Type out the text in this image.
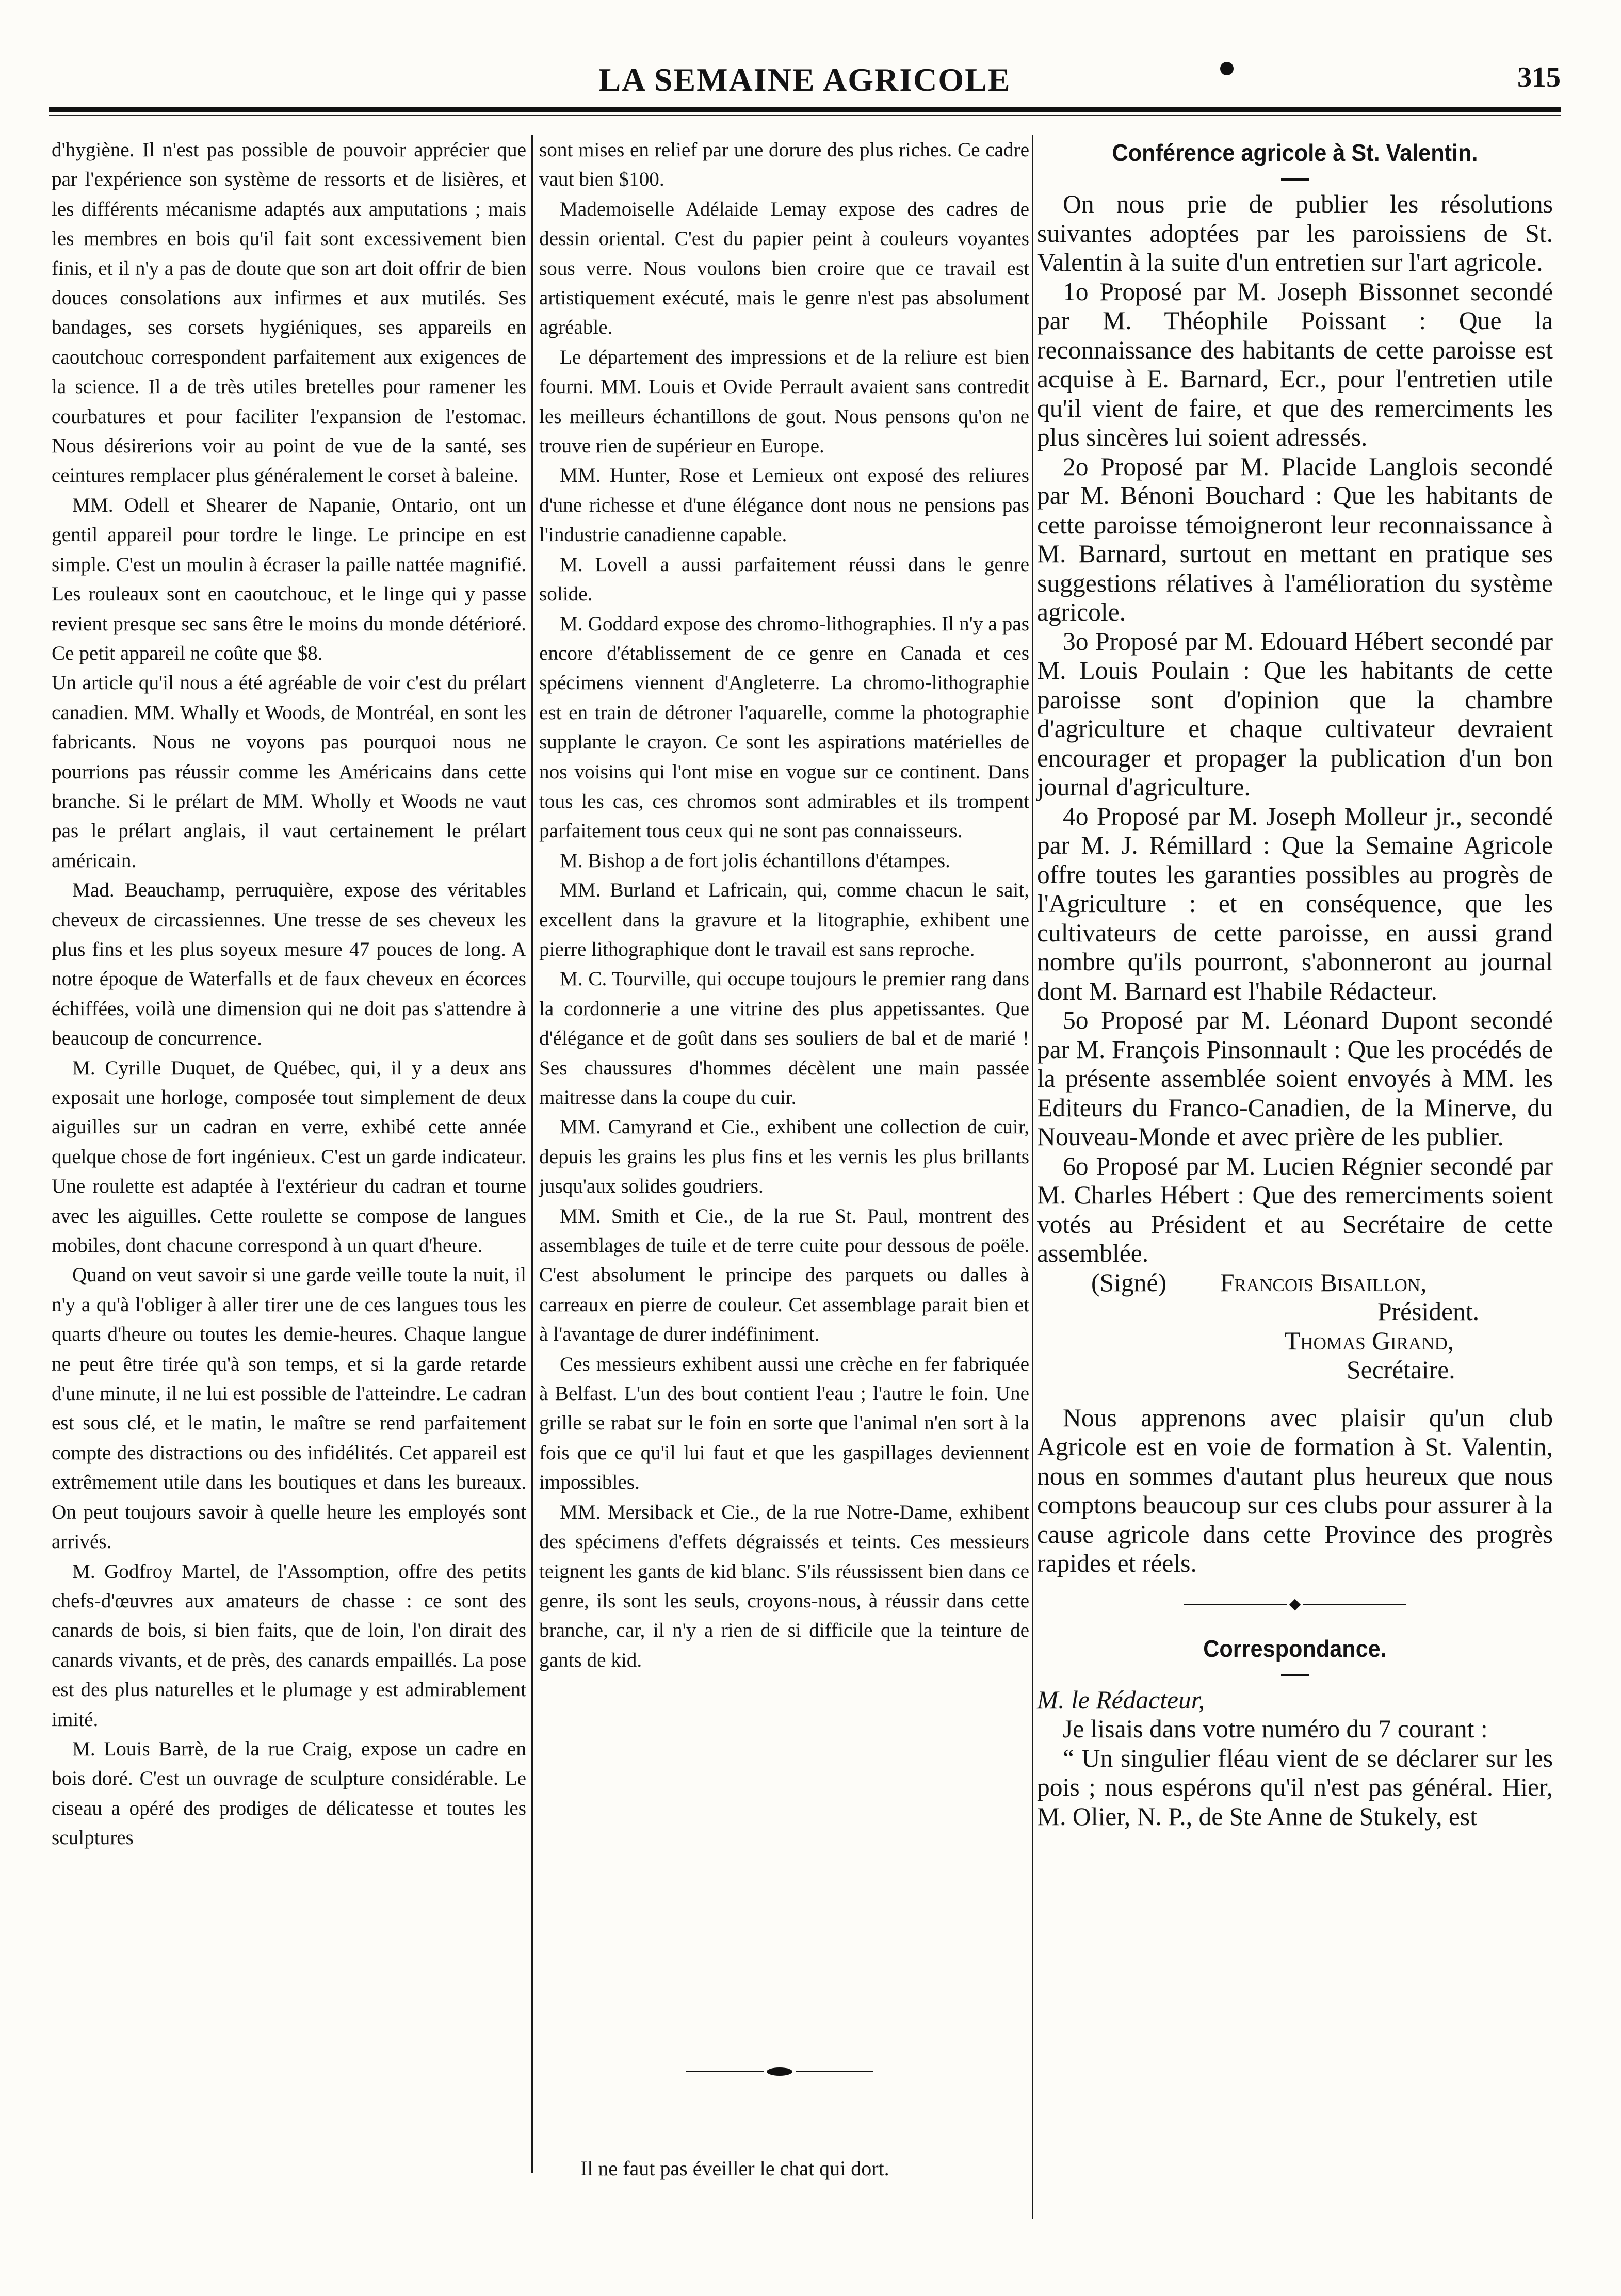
LA SEMAINE AGRICOLE	315

d'hygiène. Il n'est pas possible de pouvoir apprécier que par l'expérience son système de ressorts et de lisières, et les différents mécanisme adaptés aux amputations ; mais les membres en bois qu'il fait sont excessivement bien finis, et il n'y a pas de doute que son art doit offrir de bien douces consolations aux infirmes et aux mutilés. Ses bandages, ses corsets hygiéniques, ses appareils en caoutchouc correspondent parfaitement aux exigences de la science. Il a de très utiles bretelles pour ramener les courbatures et pour faciliter l'expansion de l'estomac. Nous désirerions voir au point de vue de la santé, ses ceintures remplacer plus généralement le corset à baleine.

MM. Odell et Shearer de Napanie, Ontario, ont un gentil appareil pour tordre le linge. Le principe en est simple. C'est un moulin à écraser la paille nattée magnifié. Les rouleaux sont en caoutchouc, et le linge qui y passe revient presque sec sans être le moins du monde détérioré. Ce petit appareil ne coûte que $8.

Un article qu'il nous a été agréable de voir c'est du prélart canadien. MM. Whally et Woods, de Montréal, en sont les fabricants. Nous ne voyons pas pourquoi nous ne pourrions pas réussir comme les Américains dans cette branche. Si le prélart de MM. Wholly et Woods ne vaut pas le prélart anglais, il vaut certainement le prélart américain.

Mad. Beauchamp, perruquière, expose des véritables cheveux de circassiennes. Une tresse de ses cheveux les plus fins et les plus soyeux mesure 47 pouces de long. A notre époque de Waterfalls et de faux cheveux en écorces échiffées, voilà une dimension qui ne doit pas s'attendre à beaucoup de concurrence.

M. Cyrille Duquet, de Québec, qui, il y a deux ans exposait une horloge, composée tout simplement de deux aiguilles sur un cadran en verre, exhibé cette année quelque chose de fort ingénieux. C'est un garde indicateur. Une roulette est adaptée à l'extérieur du cadran et tourne avec les aiguilles. Cette roulette se compose de langues mobiles, dont chacune correspond à un quart d'heure.

Quand on veut savoir si une garde veille toute la nuit, il n'y a qu'à l'obliger à aller tirer une de ces langues tous les quarts d'heure ou toutes les demie-heures. Chaque langue ne peut être tirée qu'à son temps, et si la garde retarde d'une minute, il ne lui est possible de l'atteindre. Le cadran est sous clé, et le matin, le maître se rend parfaitement compte des distractions ou des infidélités. Cet appareil est extrêmement utile dans les boutiques et dans les bureaux. On peut toujours savoir à quelle heure les employés sont arrivés.

M. Godfroy Martel, de l'Assomption, offre des petits chefs-d'œuvres aux amateurs de chasse : ce sont des canards de bois, si bien faits, que de loin, l'on dirait des canards vivants, et de près, des canards empaillés. La pose est des plus naturelles et le plumage y est admirablement imité.

M. Louis Barrè, de la rue Craig, expose un cadre en bois doré. C'est un ouvrage de sculpture considérable. Le ciseau a opéré des prodiges de délicatesse et toutes les sculptures

sont mises en relief par une dorure des plus riches. Ce cadre vaut bien $100.

Mademoiselle Adélaide Lemay expose des cadres de dessin oriental. C'est du papier peint à couleurs voyantes sous verre. Nous voulons bien croire que ce travail est artistiquement exécuté, mais le genre n'est pas absolument agréable.

Le département des impressions et de la reliure est bien fourni. MM. Louis et Ovide Perrault avaient sans contredit les meilleurs échantillons de gout. Nous pensons qu'on ne trouve rien de supérieur en Europe.

MM. Hunter, Rose et Lemieux ont exposé des reliures d'une richesse et d'une élégance dont nous ne pensions pas l'industrie canadienne capable.

M. Lovell a aussi parfaitement réussi dans le genre solide.

M. Goddard expose des chromo-lithographies. Il n'y a pas encore d'établissement de ce genre en Canada et ces spécimens viennent d'Angleterre. La chromo-lithographie est en train de détroner l'aquarelle, comme la photographie supplante le crayon. Ce sont les aspirations matérielles de nos voisins qui l'ont mise en vogue sur ce continent. Dans tous les cas, ces chromos sont admirables et ils trompent parfaitement tous ceux qui ne sont pas connaisseurs.

M. Bishop a de fort jolis échantillons d'étampes.

MM. Burland et Lafricain, qui, comme chacun le sait, excellent dans la gravure et la litographie, exhibent une pierre lithographique dont le travail est sans reproche.

M. C. Tourville, qui occupe toujours le premier rang dans la cordonnerie a une vitrine des plus appetissantes. Que d'élégance et de goût dans ses souliers de bal et de marié ! Ses chaussures d'hommes décèlent une main passée maitresse dans la coupe du cuir.

MM. Camyrand et Cie., exhibent une collection de cuir, depuis les grains les plus fins et les vernis les plus brillants jusqu'aux solides goudriers.

MM. Smith et Cie., de la rue St. Paul, montrent des assemblages de tuile et de terre cuite pour dessous de poële. C'est absolument le principe des parquets ou dalles à carreaux en pierre de couleur. Cet assemblage parait bien et à l'avantage de durer indéfiniment.

Ces messieurs exhibent aussi une crèche en fer fabriquée à Belfast. L'un des bout contient l'eau ; l'autre le foin. Une grille se rabat sur le foin en sorte que l'animal n'en sort à la fois que ce qu'il lui faut et que les gaspillages deviennent impossibles.

MM. Mersiback et Cie., de la rue Notre-Dame, exhibent des spécimens d'effets dégraissés et teints. Ces messieurs teignent les gants de kid blanc. S'ils réussissent bien dans ce genre, ils sont les seuls, croyons-nous, à réussir dans cette branche, car, il n'y a rien de si difficile que la teinture de gants de kid.

Il ne faut pas éveiller le chat qui dort.
Conférence agricole à St. Valentin.

On nous prie de publier les résolutions suivantes adoptées par les paroissiens de St. Valentin à la suite d'un entretien sur l'art agricole.

1o Proposé par M. Joseph Bissonnet secondé par M. Théophile Poissant : Que la reconnaissance des habitants de cette paroisse est acquise à E. Barnard, Ecr., pour l'entretien utile qu'il vient de faire, et que des remerciments les plus sincères lui soient adressés.

2o Proposé par M. Placide Langlois secondé par M. Bénoni Bouchard : Que les habitants de cette paroisse témoigneront leur reconnaissance à M. Barnard, surtout en mettant en pratique ses suggestions rélatives à l'amélioration du système agricole.

3o Proposé par M. Edouard Hébert secondé par M. Louis Poulain : Que les habitants de cette paroisse sont d'opinion que la chambre d'agriculture et chaque cultivateur devraient encourager et propager la publication d'un bon journal d'agriculture.

4o Proposé par M. Joseph Molleur jr., secondé par M. J. Rémillard : Que la Semaine Agricole offre toutes les garanties possibles au progrès de l'Agriculture : et en conséquence, que les cultivateurs de cette paroisse, en aussi grand nombre qu'ils pourront, s'abonneront au journal dont M. Barnard est l'habile Rédacteur.

5o Proposé par M. Léonard Dupont secondé par M. François Pinsonnault : Que les procédés de la présente assemblée soient envoyés à MM. les Editeurs du Franco-Canadien, de la Minerve, du Nouveau-Monde et avec prière de les publier.

6o Proposé par M. Lucien Régnier secondé par M. Charles Hébert : Que des remerciments soient votés au Président et au Secrétaire de cette assemblée.

(Signé)	Francois Bisaillon,
Président.
Thomas Girand,
Secrétaire.

Nous apprenons avec plaisir qu'un club Agricole est en voie de formation à St. Valentin, nous en sommes d'autant plus heureux que nous comptons beaucoup sur ces clubs pour assurer à la cause agricole dans cette Province des progrès rapides et réels.

Correspondance.

M. le Rédacteur,

Je lisais dans votre numéro du 7 courant :

“ Un singulier fléau vient de se déclarer sur les pois ; nous espérons qu'il n'est pas général. Hier, M. Olier, N. P., de Ste Anne de Stukely, est
